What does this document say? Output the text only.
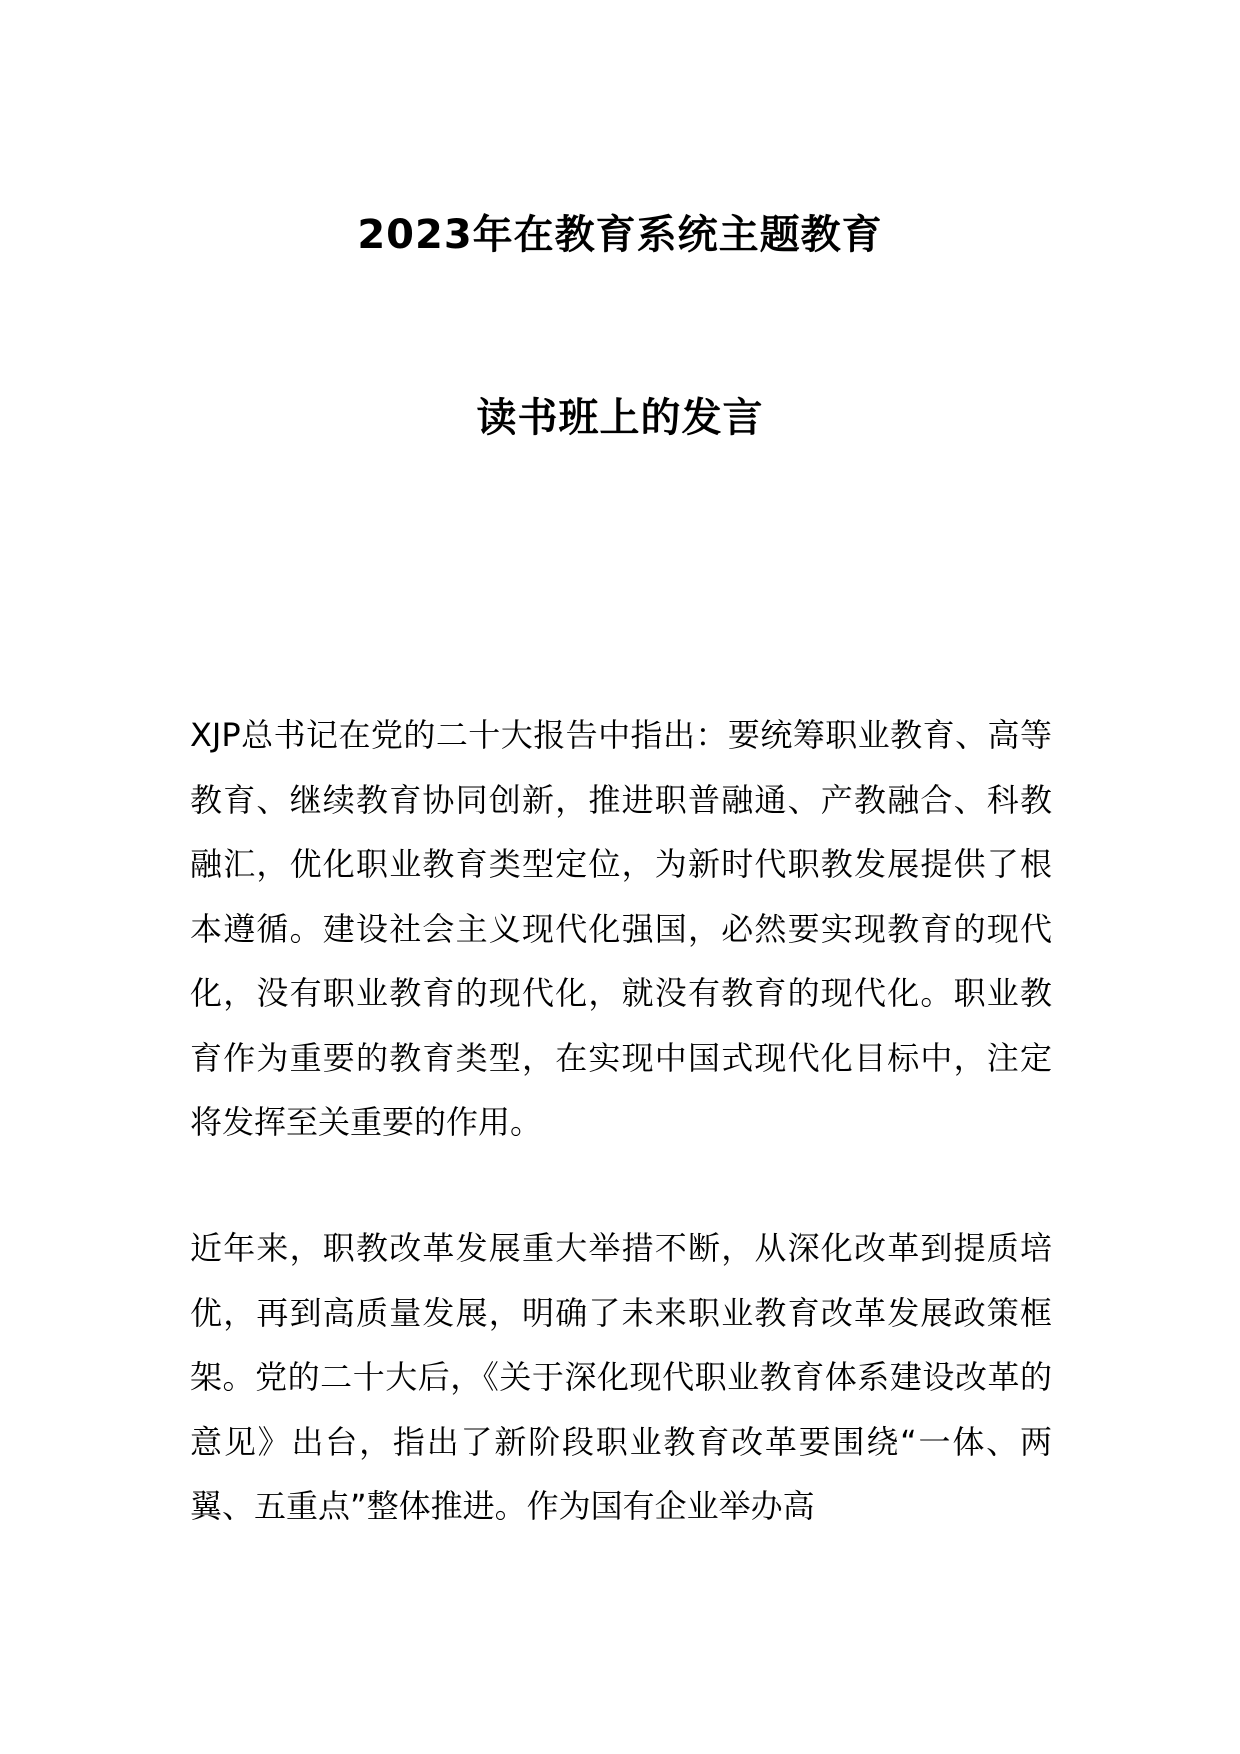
2023年在教育系统主题教育
读书班上的发言

XJP总书记在党的二十大报告中指出：要统筹职业教育、高等教育、继续教育协同创新，推进职普融通、产教融合、科教融汇，优化职业教育类型定位，为新时代职教发展提供了根本遵循。建设社会主义现代化强国，必然要实现教育的现代化，没有职业教育的现代化，就没有教育的现代化。职业教育作为重要的教育类型，在实现中国式现代化目标中，注定将发挥至关重要的作用。

近年来，职教改革发展重大举措不断，从深化改革到提质培优，再到高质量发展，明确了未来职业教育改革发展政策框架。党的二十大后，《关于深化现代职业教育体系建设改革的意见》出台，指出了新阶段职业教育改革要围绕“一体、两翼、五重点”整体推进。作为国有企业举办高
